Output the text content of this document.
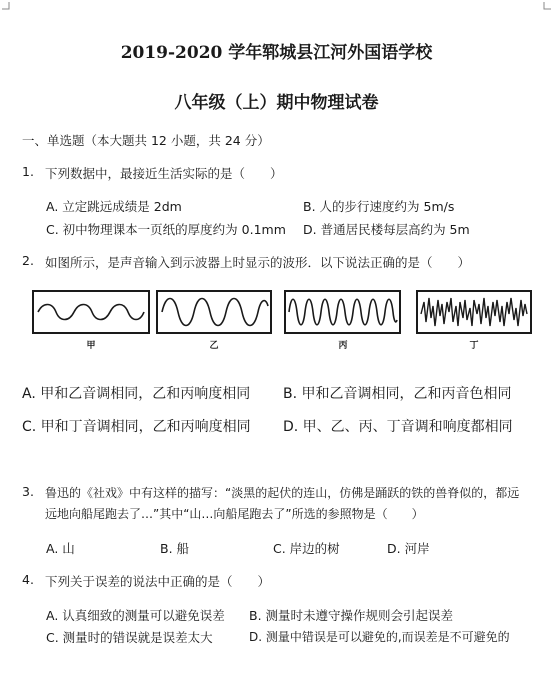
2019-2020 学年郓城县江河外国语学校
八年级（上）期中物理试卷
一、单选题（本大题共 12 小题，共 24 分）
1. 下列数据中，最接近生活实际的是（　　）
A. 立定跳远成绩是 2dm	B. 人的步行速度约为 5m/s
C. 初中物理课本一页纸的厚度约为 0.1mm D. 普通居民楼每层高约为 5m
2. 如图所示，是声音输入到示波器上时显示的波形．以下说法正确的是（　　）
甲	乙	丙	丁
A. 甲和乙音调相同，乙和丙响度相同 B. 甲和乙音调相同，乙和丙音色相同
C. 甲和丁音调相同，乙和丙响度相同 D. 甲、乙、丙、丁音调和响度都相同
3. 鲁迅的《社戏》中有这样的描写：“淡黑的起伏的连山，仿佛是踊跃的铁的兽脊似的，都远
远地向船尾跑去了…”其中“山…向船尾跑去了”所选的参照物是（　　）
A. 山	B. 船	C. 岸边的树	D. 河岸
4. 下列关于误差的说法中正确的是（　　）
A. 认真细致的测量可以避免误差 B. 测量时未遵守操作规则会引起误差
C. 测量时的错误就是误差太大	D. 测量中错误是可以避免的,而误差是不可避免的
